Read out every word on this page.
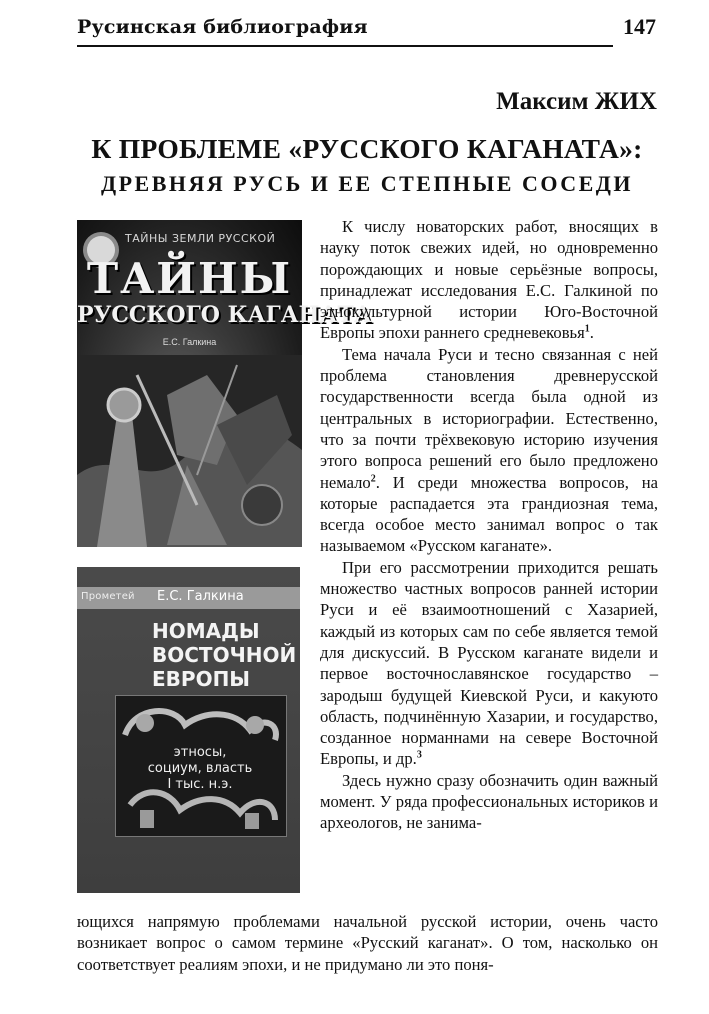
Русинская библиография	147
Максим ЖИХ
К ПРОБЛЕМЕ «РУССКОГО КАГАНАТА»:
ДРЕВНЯЯ РУСЬ И ЕЕ СТЕПНЫЕ СОСЕДИ
ТАЙНЫ ЗЕМЛИ РУССКОЙ
ТАЙНЫ
РУССКОГО КАГАНАТА
Е.С. Галкина
Прометей Е.С. Галкина
НОМАДЫ
ВОСТОЧНОЙ
ЕВРОПЫ
этносы,
социум, власть
I тыс. н.э.

К числу новаторских работ, вносящих в науку поток свежих идей, но одновременно порождающих и новые серьёзные вопросы, принадлежат исследования Е.С. Галкиной по этнокультурной истории Юго-Восточной Европы эпохи раннего средневековья$^1$.

Тема начала Руси и тесно связанная с ней проблема становления древнерусской государственности всегда была одной из центральных в историографии. Естественно, что за почти трёхвековую историю изучения этого вопроса решений его было предложено немало$^2$. И среди множества вопросов, на которые распадается эта грандиозная тема, всегда особое место занимал вопрос о так называемом «Русском каганате».

При его рассмотрении приходится решать множество частных вопросов ранней истории Руси и её взаимоотношений с Хазарией, каждый из которых сам по себе является темой для дискуссий. В Русском каганате видели и первое восточнославянское государство – зародыш будущей Киевской Руси, и какуюто область, подчинённую Хазарии, и государство, созданное норманнами на севере Восточной Европы, и др.$^3$

Здесь нужно сразу обозначить один важный момент. У ряда профессиональных историков и археологов, не занима-

ющихся напрямую проблемами начальной русской истории, очень часто возникает вопрос о самом термине «Русский каганат». О том, насколько он соответствует реалиям эпохи, и не придумано ли это поня-
